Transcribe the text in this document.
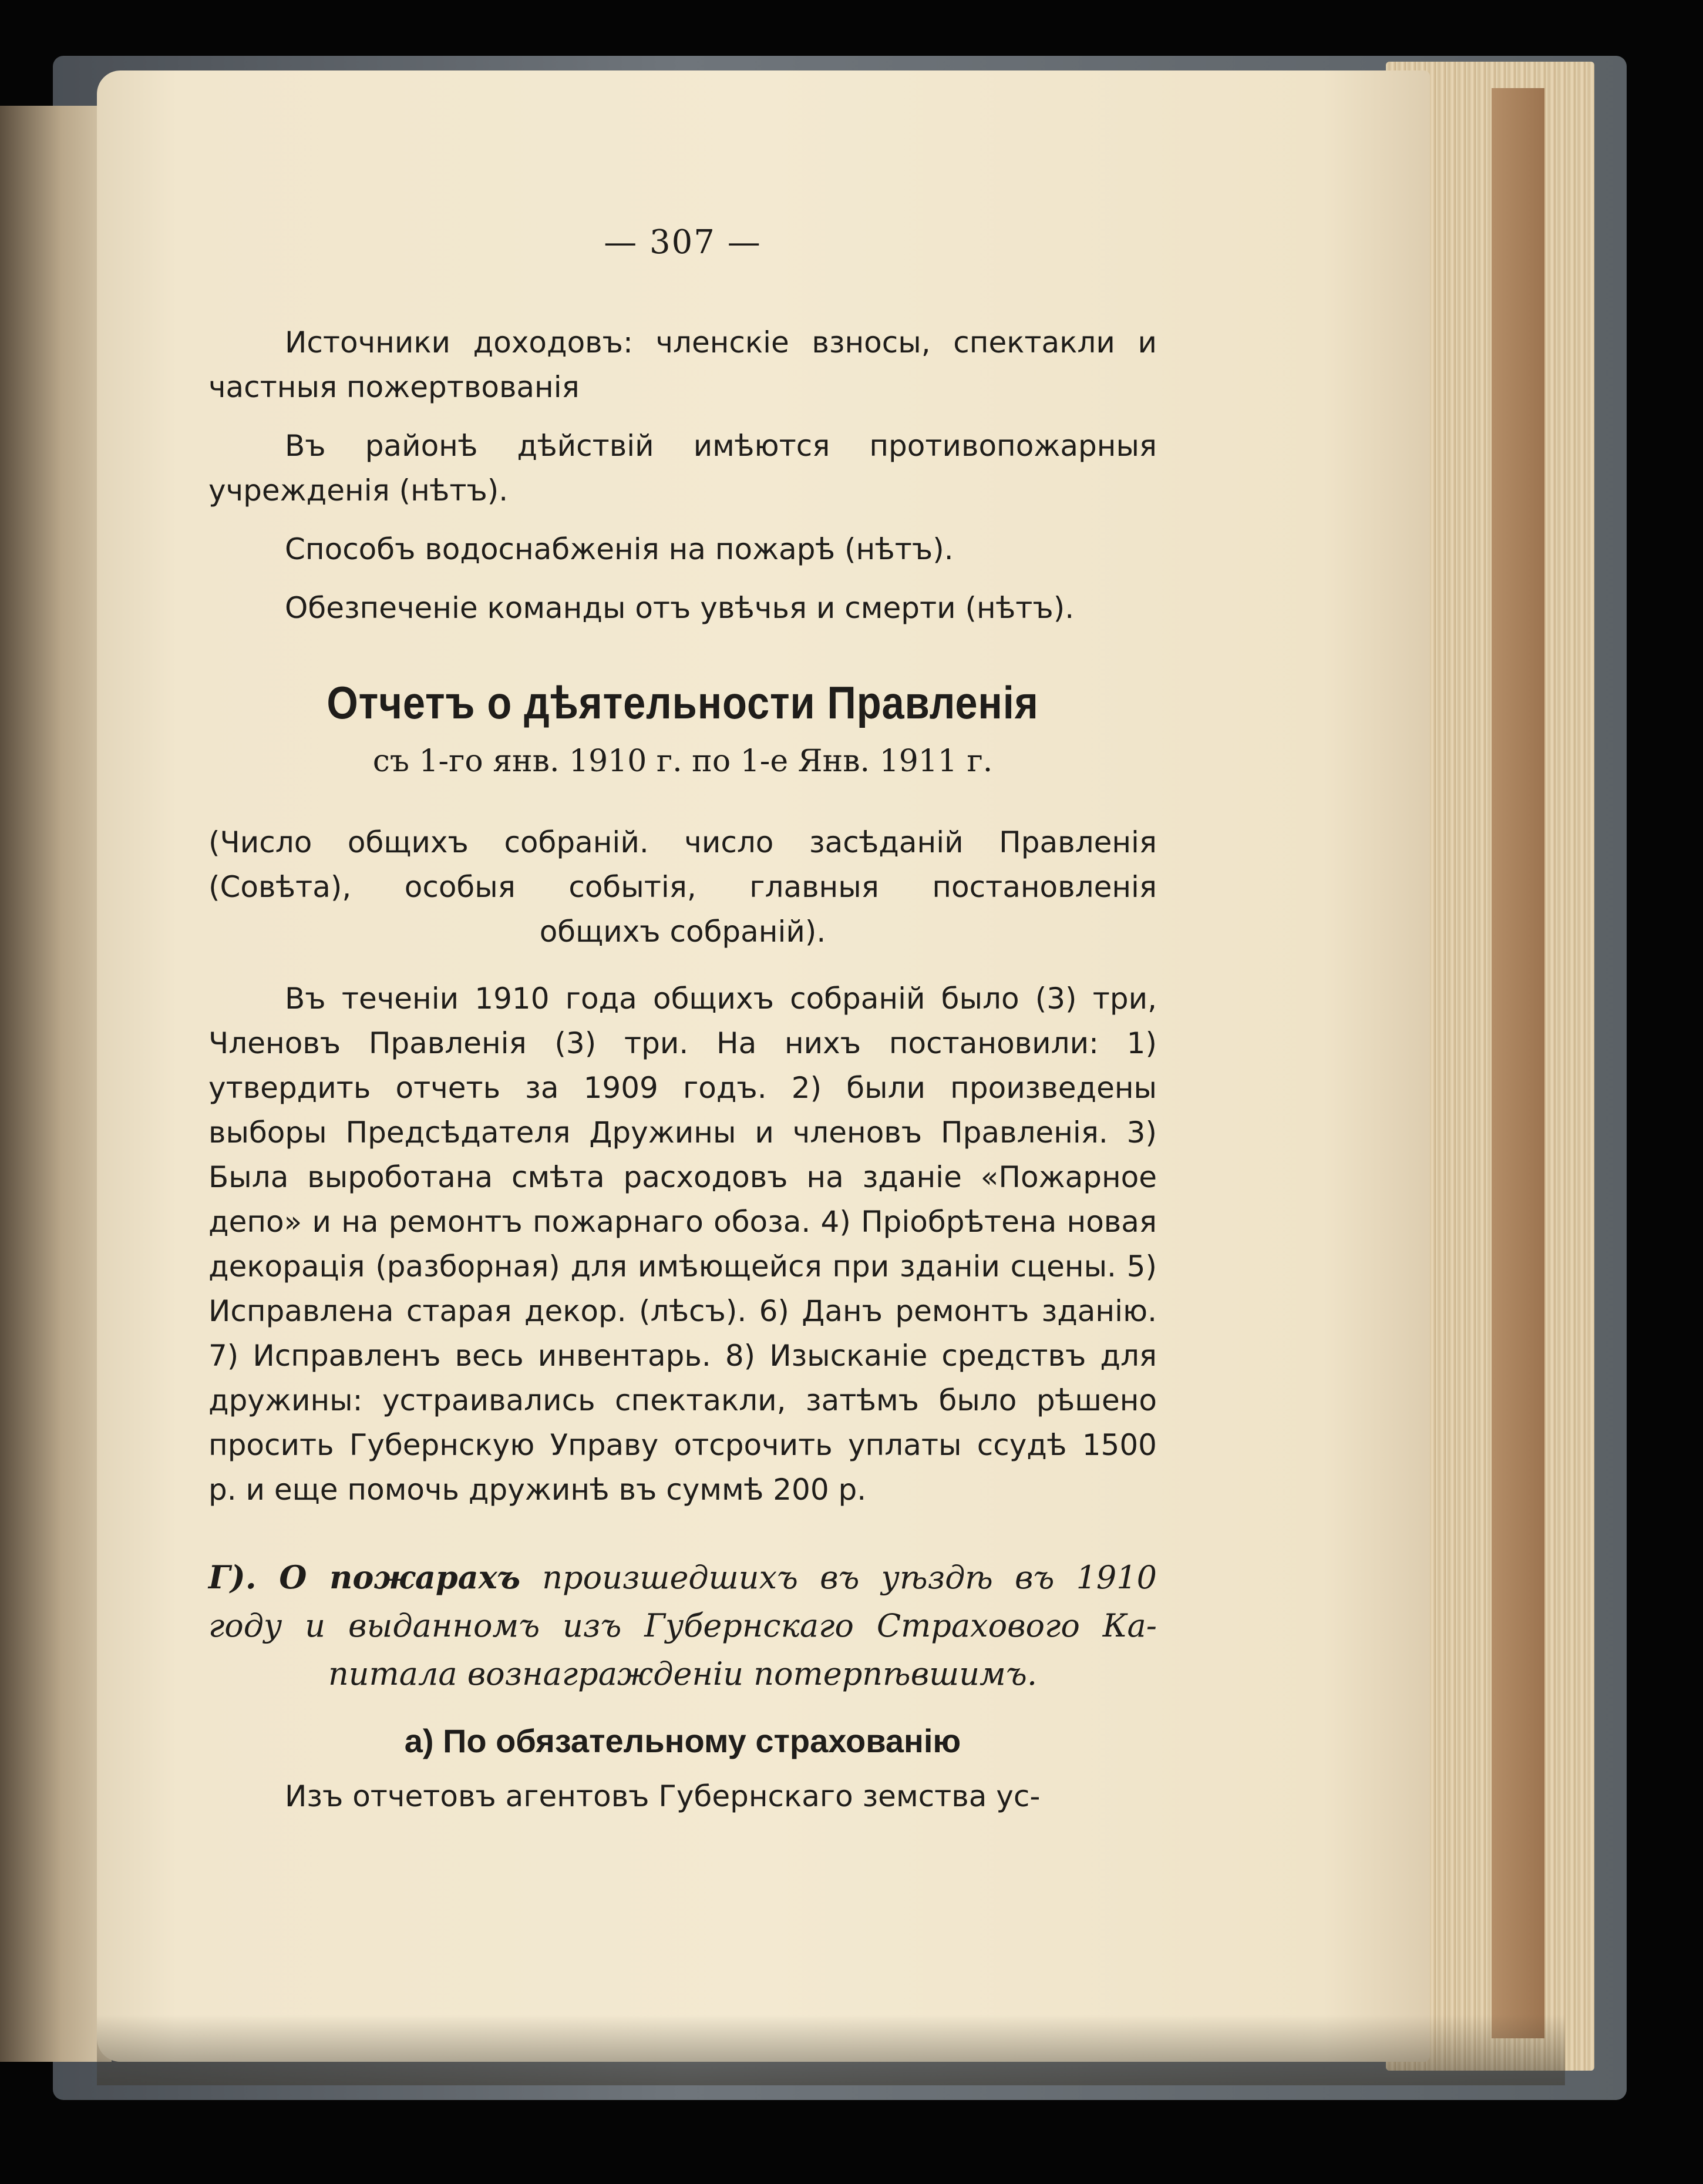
— 307 —

Источники доходовъ: членскіе взносы, спектакли и частныя пожертвованія

Въ районѣ дѣйствій имѣются противопожарныя учрежденія (нѣтъ).

Способъ водоснабженія на пожарѣ (нѣтъ).

Обезпеченіе команды отъ увѣчья и смерти (нѣтъ).

Отчетъ о дѣятельности Правленія
съ 1-го янв. 1910 г. по 1-е Янв. 1911 г.

(Число общихъ собраній. число засѣданій Правленія (Совѣта), особыя событія, главныя постановленія

общихъ собраній).

Въ теченіи 1910 года общихъ собраній было (3) три, Членовъ Правленія (3) три. На нихъ постановили: 1) утвердить отчеть за 1909 годъ. 2) были произведены выборы Предсѣдателя Дружины и членовъ Правленія. 3) Была выроботана смѣта расходовъ на зданіе «Пожарное депо» и на ремонтъ пожарнаго обоза. 4) Пріобрѣтена новая декорація (разборная) для имѣющейся при зданіи сцены. 5) Исправлена старая декор. (лѣсъ). 6) Данъ ремонтъ зданію. 7) Исправленъ весь инвентарь. 8) Изысканіе средствъ для дружины: устраивались спектакли, затѣмъ было рѣшено просить Губернскую Управу отсрочить уплаты ссудѣ 1500 р. и еще помочь дружинѣ въ суммѣ 200 р.

Г). О пожарахъ произшедшихъ въ уѣздѣ въ 1910 году и выданномъ изъ Губернскаго Страхового Ка-

питала вознагражденіи потерпѣвшимъ.

а) По обязательному страхованію

Изъ отчетовъ агентовъ Губернскаго земства ус-
